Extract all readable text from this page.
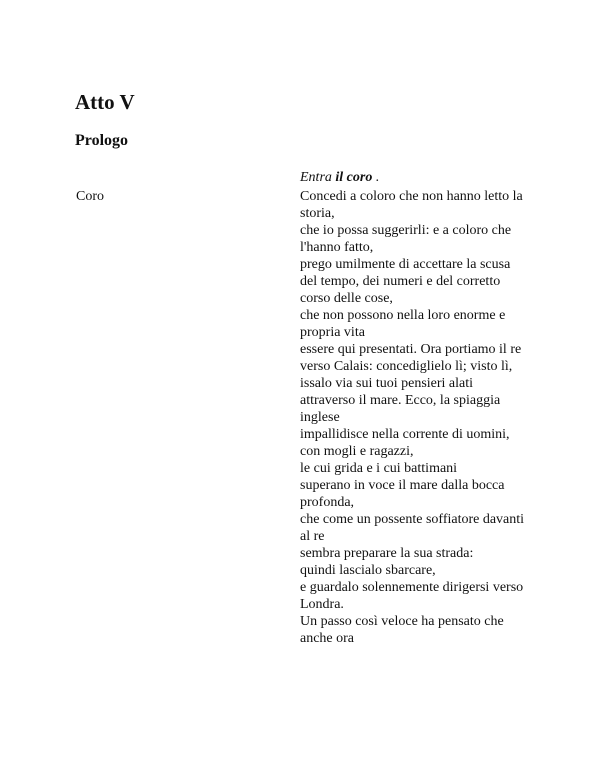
Atto V
Prologo
Entra il coro .
Coro	Concedi a coloro che non hanno letto la storia,
che io possa suggerirli: e a coloro che l'hanno fatto,
prego umilmente di accettare la scusa
del tempo, dei numeri e del corretto corso delle cose,
che non possono nella loro enorme e propria vita
essere qui presentati. Ora portiamo il re
verso Calais: concediglielo lì; visto lì,
issalo via sui tuoi pensieri alati
attraverso il mare. Ecco, la spiaggia inglese
impallidisce nella corrente di uomini, con mogli e ragazzi,
le cui grida e i cui battimani
superano in voce il mare dalla bocca profonda,
che come un possente soffiatore davanti al re
sembra preparare la sua strada:
quindi lascialo sbarcare,
e guardalo solennemente dirigersi verso Londra.
Un passo così veloce ha pensato che anche ora
